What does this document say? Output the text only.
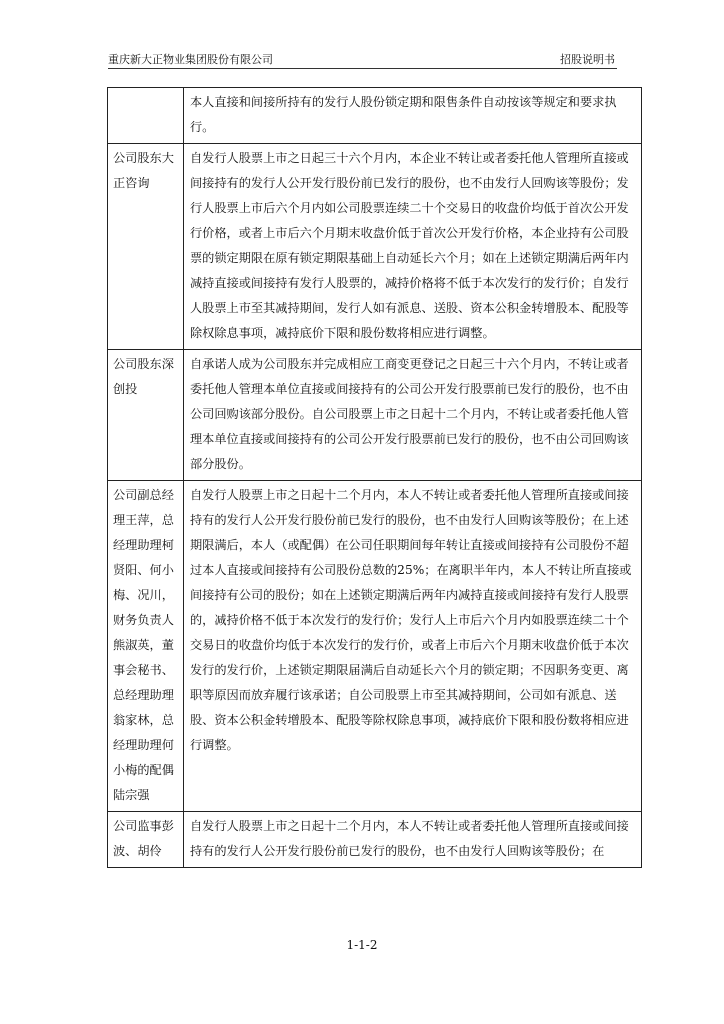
重庆新大正物业集团股份有限公司	招股说明书
	本人直接和间接所持有的发行人股份锁定期和限售条件自动按该等规定和要求执行。
公司股东大正咨询	自发行人股票上市之日起三十六个月内，本企业不转让或者委托他人管理所直接或间接持有的发行人公开发行股份前已发行的股份，也不由发行人回购该等股份；发行人股票上市后六个月内如公司股票连续二十个交易日的收盘价均低于首次公开发行价格，或者上市后六个月期末收盘价低于首次公开发行价格，本企业持有公司股票的锁定期限在原有锁定期限基础上自动延长六个月；如在上述锁定期满后两年内减持直接或间接持有发行人股票的，减持价格将不低于本次发行的发行价；自发行人股票上市至其减持期间，发行人如有派息、送股、资本公积金转增股本、配股等除权除息事项，减持底价下限和股份数将相应进行调整。
公司股东深创投	自承诺人成为公司股东并完成相应工商变更登记之日起三十六个月内，不转让或者委托他人管理本单位直接或间接持有的公司公开发行股票前已发行的股份，也不由公司回购该部分股份。自公司股票上市之日起十二个月内，不转让或者委托他人管理本单位直接或间接持有的公司公开发行股票前已发行的股份，也不由公司回购该部分股份。
公司副总经理王萍，总经理助理柯贤阳、何小梅、况川，财务负责人熊淑英，董事会秘书、总经理助理翁家林，总经理助理何小梅的配偶陆宗强	自发行人股票上市之日起十二个月内，本人不转让或者委托他人管理所直接或间接持有的发行人公开发行股份前已发行的股份，也不由发行人回购该等股份；在上述期限满后，本人（或配偶）在公司任职期间每年转让直接或间接持有公司股份不超过本人直接或间接持有公司股份总数的25%；在离职半年内，本人不转让所直接或间接持有公司的股份；如在上述锁定期满后两年内减持直接或间接持有发行人股票的，减持价格不低于本次发行的发行价；发行人上市后六个月内如股票连续二十个交易日的收盘价均低于本次发行的发行价，或者上市后六个月期末收盘价低于本次发行的发行价，上述锁定期限届满后自动延长六个月的锁定期；不因职务变更、离职等原因而放弃履行该承诺；自公司股票上市至其减持期间，公司如有派息、送股、资本公积金转增股本、配股等除权除息事项，减持底价下限和股份数将相应进行调整。
公司监事彭波、胡伶	自发行人股票上市之日起十二个月内，本人不转让或者委托他人管理所直接或间接持有的发行人公开发行股份前已发行的股份，也不由发行人回购该等股份；在
1-1-2
